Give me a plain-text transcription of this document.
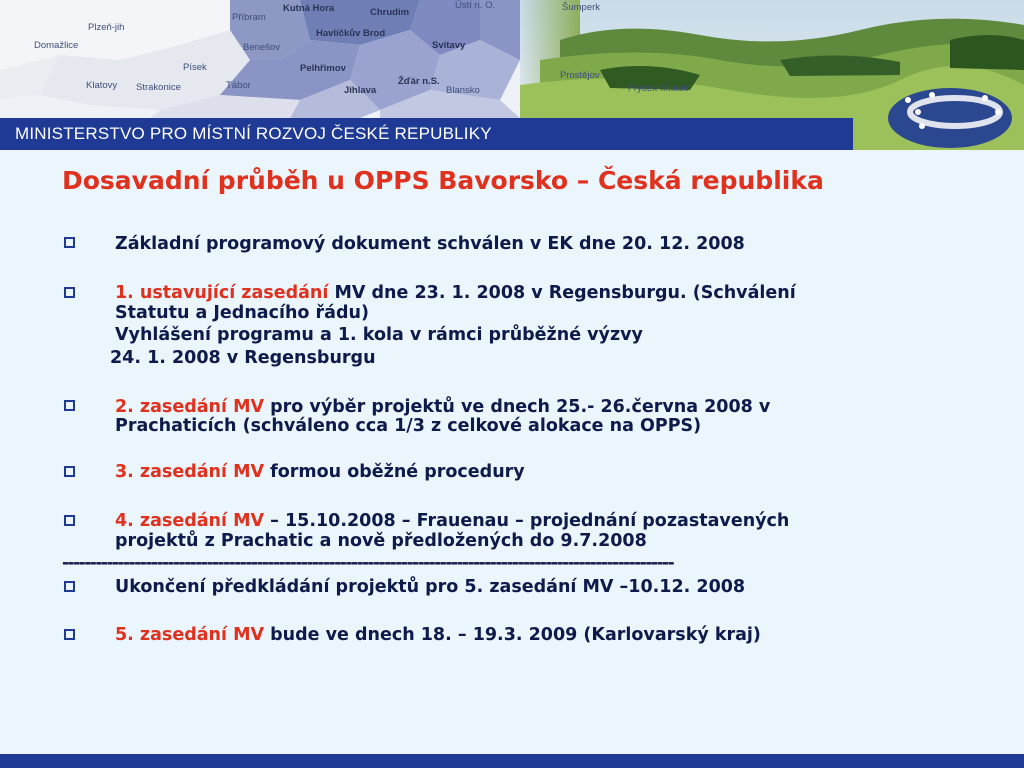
Plzeň-jih
Příbram
Kutná Hora	Chrudim
Ústí n. O.
Domažlice	Benešov
Havlíčkův Brod
Svitavy
Šumperk
Písek	Pelhřimov
Prostějov
Klatovy Strakonice	Tábor	Jihlava
Žďár n.S.
Blansko	Frýdek-Místek
MINISTERSTVO PRO MÍSTNÍ ROZVOJ ČESKÉ REPUBLIKY
Dosavadní průběh u OPPS Bavorsko – Česká republika
Základní programový dokument schválen v EK dne 20. 12. 2008
1. ustavující zasedání MV dne 23. 1. 2008 v Regensburgu. (Schválení
Statutu a Jednacího řádu)
Vyhlášení programu a 1. kola v rámci průběžné výzvy
24. 1. 2008 v Regensburgu
2. zasedání MV pro výběr projektů ve dnech 25.- 26.června 2008 v
Prachaticích (schváleno cca 1/3 z celkové alokace na OPPS)
3. zasedání MV formou oběžné procedury
4. zasedání MV – 15.10.2008 – Frauenau – projednání pozastavených
projektů z Prachatic a nově předložených do 9.7.2008
--------------------------------------------------------------------------------------------------------------
Ukončení předkládání projektů pro 5. zasedání MV –10.12. 2008
5. zasedání MV bude ve dnech 18. – 19.3. 2009 (Karlovarský kraj)
